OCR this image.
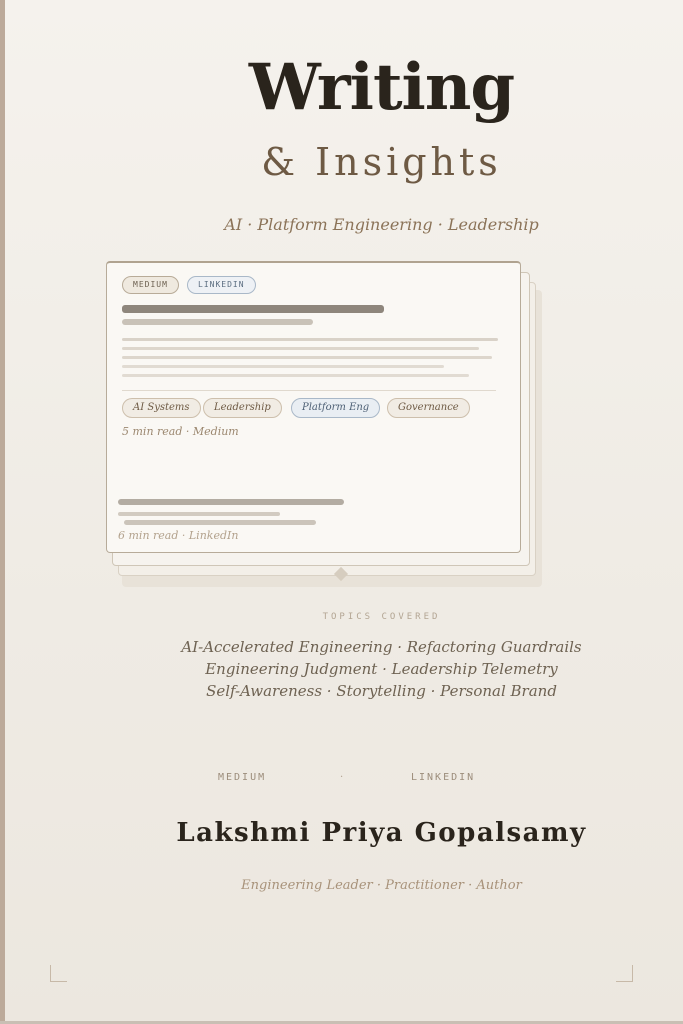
Writing
& Insights
AI · Platform Engineering · Leadership
MEDIUM	LINKEDIN
AI Systems	Leadership	Platform Eng	Governance
5 min read · Medium
6 min read · LinkedIn
TOPICS COVERED
AI-Accelerated Engineering · Refactoring Guardrails
Engineering Judgment · Leadership Telemetry
Self-Awareness · Storytelling · Personal Brand
MEDIUM	·	LINKEDIN
Lakshmi Priya Gopalsamy
Engineering Leader · Practitioner · Author
